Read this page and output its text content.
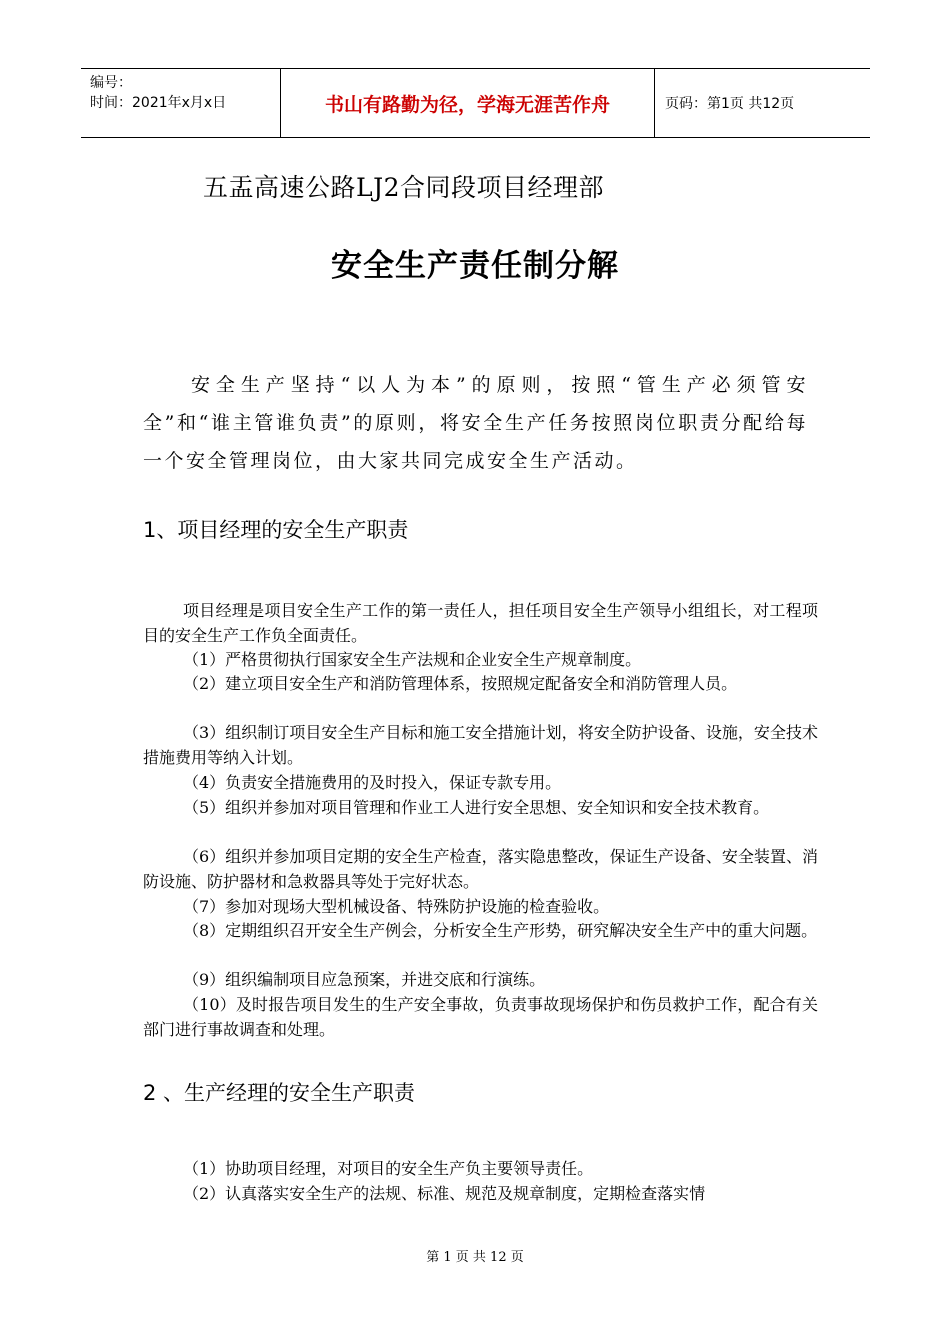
编号：
时间：2021年x月x日	书山有路勤为径，学海无涯苦作舟	页码：第1页 共12页
五盂高速公路LJ2合同段项目经理部
安全生产责任制分解

安全生产坚持“以人为本”的原则，按照“管生产必须管安全”和“谁主管谁负责”的原则，将安全生产任务按照岗位职责分配给每一个安全管理岗位，由大家共同完成安全生产活动。

1、项目经理的安全生产职责

项目经理是项目安全生产工作的第一责任人，担任项目安全生产领导小组组长，对工程项目的安全生产工作负全面责任。

（1）严格贯彻执行国家安全生产法规和企业安全生产规章制度。

（2）建立项目安全生产和消防管理体系，按照规定配备安全和消防管理人员。

（3）组织制订项目安全生产目标和施工安全措施计划，将安全防护设备、设施，安全技术措施费用等纳入计划。

（4）负责安全措施费用的及时投入，保证专款专用。

（5）组织并参加对项目管理和作业工人进行安全思想、安全知识和安全技术教育。

（6）组织并参加项目定期的安全生产检查，落实隐患整改，保证生产设备、安全装置、消防设施、防护器材和急救器具等处于完好状态。

（7）参加对现场大型机械设备、特殊防护设施的检查验收。

（8）定期组织召开安全生产例会，分析安全生产形势，研究解决安全生产中的重大问题。

（9）组织编制项目应急预案，并进交底和行演练。

（10）及时报告项目发生的生产安全事故，负责事故现场保护和伤员救护工作，配合有关部门进行事故调查和处理。

2 、生产经理的安全生产职责

（1）协助项目经理，对项目的安全生产负主要领导责任。

（2）认真落实安全生产的法规、标准、规范及规章制度，定期检查落实情

第 1 页 共 12 页
